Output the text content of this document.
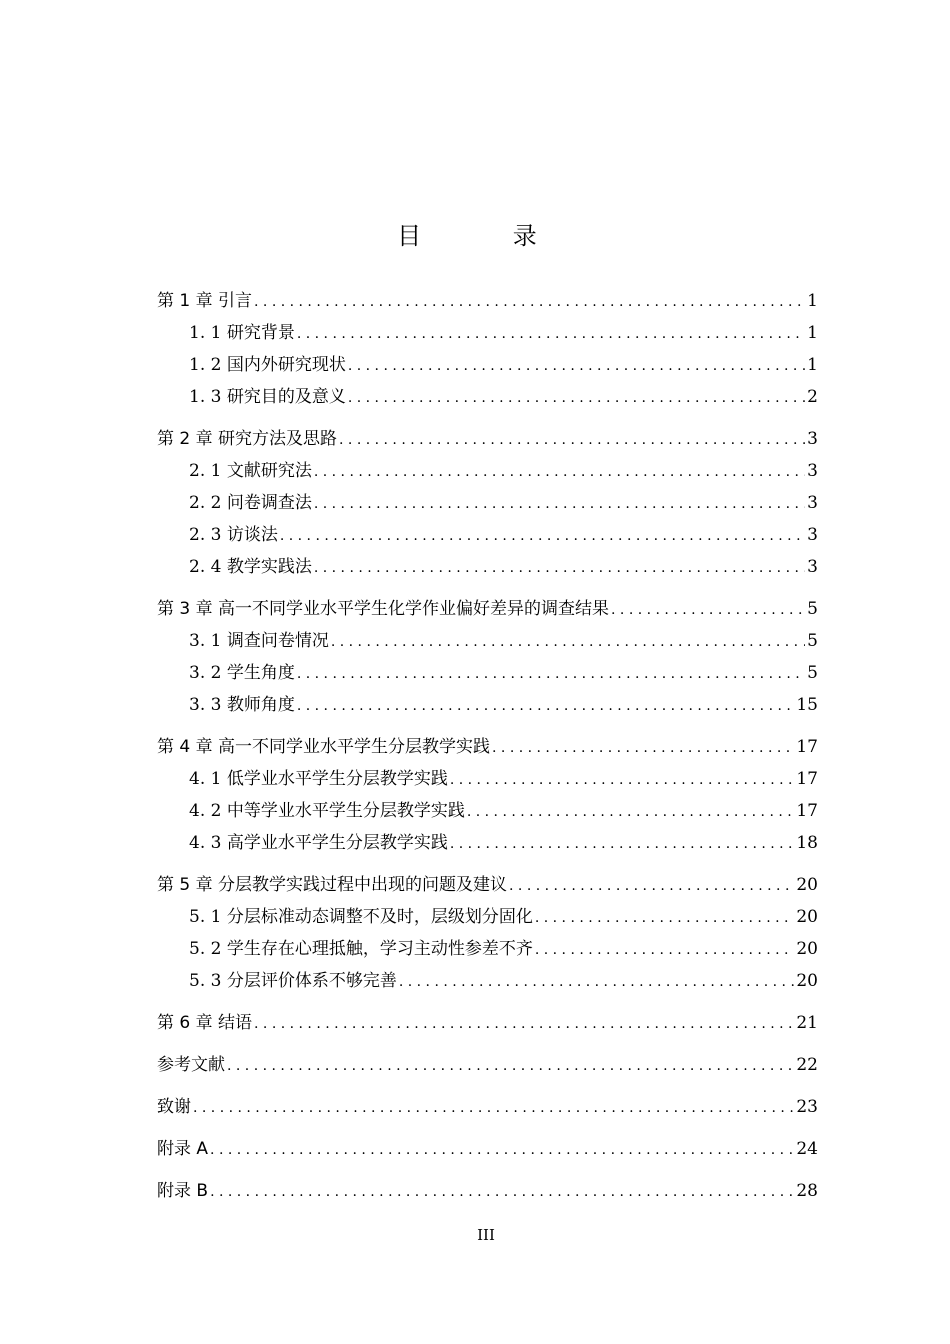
目 录
第 1 章 引言 . . .	1
1. 1 研究背景 . . .	1
1. 2 国内外研究现状 . . .	1
1. 3 研究目的及意义 . . .	2
第 2 章 研究方法及思路 . . .	3
2. 1 文献研究法 . . .	3
2. 2 问卷调查法 . . .	3
2. 3 访谈法 . . .	3
2. 4 教学实践法 . . .	3
第 3 章 高一不同学业水平学生化学作业偏好差异的调查结果 . . .	5
3. 1 调查问卷情况 . . .	5
3. 2 学生角度 . . .	5
3. 3 教师角度 . . .	15
第 4 章 高一不同学业水平学生分层教学实践 . . .	17
4. 1 低学业水平学生分层教学实践 . . .	17
4. 2 中等学业水平学生分层教学实践 . . .	17
4. 3 高学业水平学生分层教学实践 . . .	18
第 5 章 分层教学实践过程中出现的问题及建议 . . .	20
5. 1 分层标准动态调整不及时，层级划分固化 . . .	20
5. 2 学生存在心理抵触，学习主动性参差不齐 . . .	20
5. 3 分层评价体系不够完善 . . .	20
第 6 章 结语 . . .	21
参考文献 . . .	22
致谢 . . .	23
附录 A . . .	24
附录 B . . .	28
III
